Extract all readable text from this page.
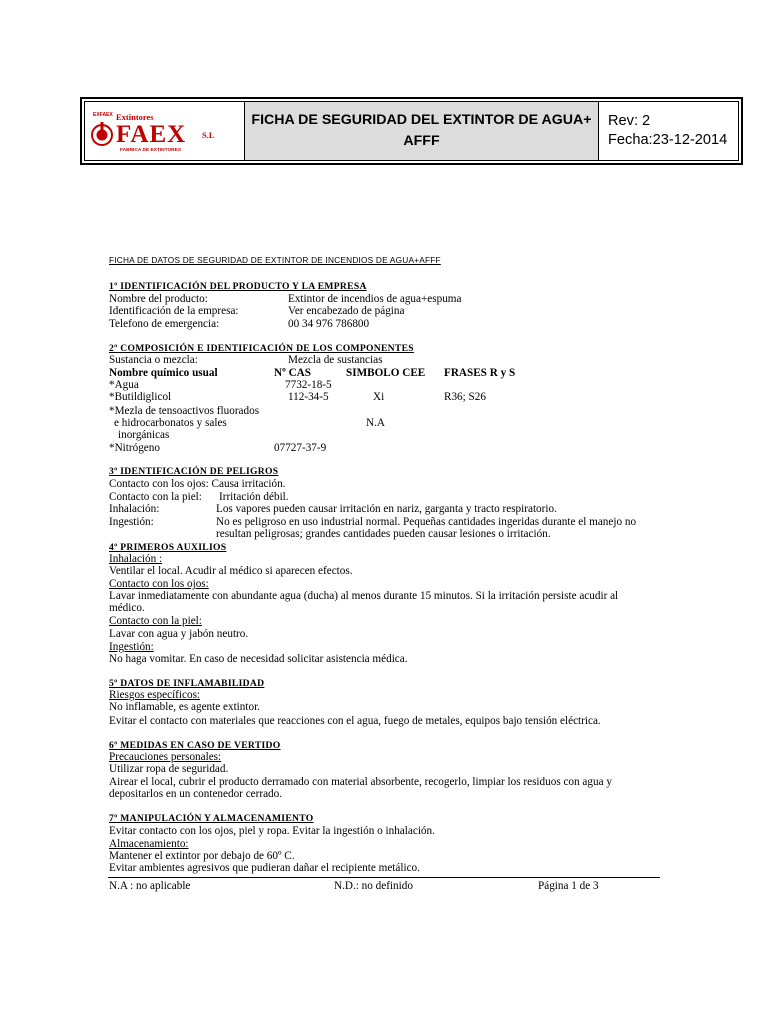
EXFAEX Extintores
FAEX S.L
FABRICA DE EXTINTORES
FICHA DE SEGURIDAD DEL EXTINTOR DE AGUA+ AFFF
Rev: 2
Fecha:23-12-2014
FICHA DE DATOS DE SEGURIDAD DE EXTINTOR DE INCENDIOS DE AGUA+AFFF
1º IDENTIFICACIÓN DEL PRODUCTO Y LA EMPRESA
Nombre del producto:	Extintor de incendios de agua+espuma
Identificación de la empresa:	Ver encabezado de página
Telefono de emergencia:	00 34 976 786800
2º COMPOSICIÓN E IDENTIFICACIÓN DE LOS COMPONENTES
Sustancia o mezcla:	Mezcla de sustancias
Nombre químico usual	Nº CAS	SIMBOLO CEE FRASES R y S
*Agua	7732-18-5
*Butildiglicol	112-34-5	Xi	R36; S26
*Mezla de tensoactivos fluorados
e hidrocarbonatos y sales	N.A
inorgánicas
*Nitrógeno	07727-37-9
3º IDENTIFICACIÓN DE PELIGROS
Contacto con los ojos: Causa irritación.
Contacto con la piel: Irritación débil.
Inhalación:	Los vapores pueden causar irritación en nariz, garganta y tracto respiratorio.
Ingestión:	No es peligroso en uso industrial normal. Pequeñas cantidades ingeridas durante el manejo no
resultan peligrosas; grandes cantidades pueden causar lesiones o irritación.
4º PRIMEROS AUXILIOS
Inhalación :
Ventilar el local. Acudir al médico si aparecen efectos.
Contacto con los ojos:
Lavar inmediatamente con abundante agua (ducha) al menos durante 15 minutos. Si la irritación persiste acudir al
médico.
Contacto con la piel:
Lavar con agua y jabón neutro.
Ingestión:
No haga vomitar. En caso de necesidad solicitar asistencia médica.
5º DATOS DE INFLAMABILIDAD
Riesgos específicos:
No inflamable, es agente extintor.
Evitar el contacto con materiales que reacciones con el agua, fuego de metales, equipos bajo tensión eléctrica.
6º MEDIDAS EN CASO DE VERTIDO
Precauciones personales:
Utilizar ropa de seguridad.
Airear el local, cubrir el producto derramado con material absorbente, recogerlo, limpiar los residuos con agua y
depositarlos en un contenedor cerrado.
7º MANIPULACIÓN Y ALMACENAMIENTO
Evitar contacto con los ojos, piel y ropa. Evitar la ingestión o inhalación.
Almacenamiento:
Mantener el extintor por debajo de 60º C.
Evitar ambientes agresivos que pudieran dañar el recipiente metálico.
N.A : no aplicable	N.D.: no definido	Página 1 de 3
